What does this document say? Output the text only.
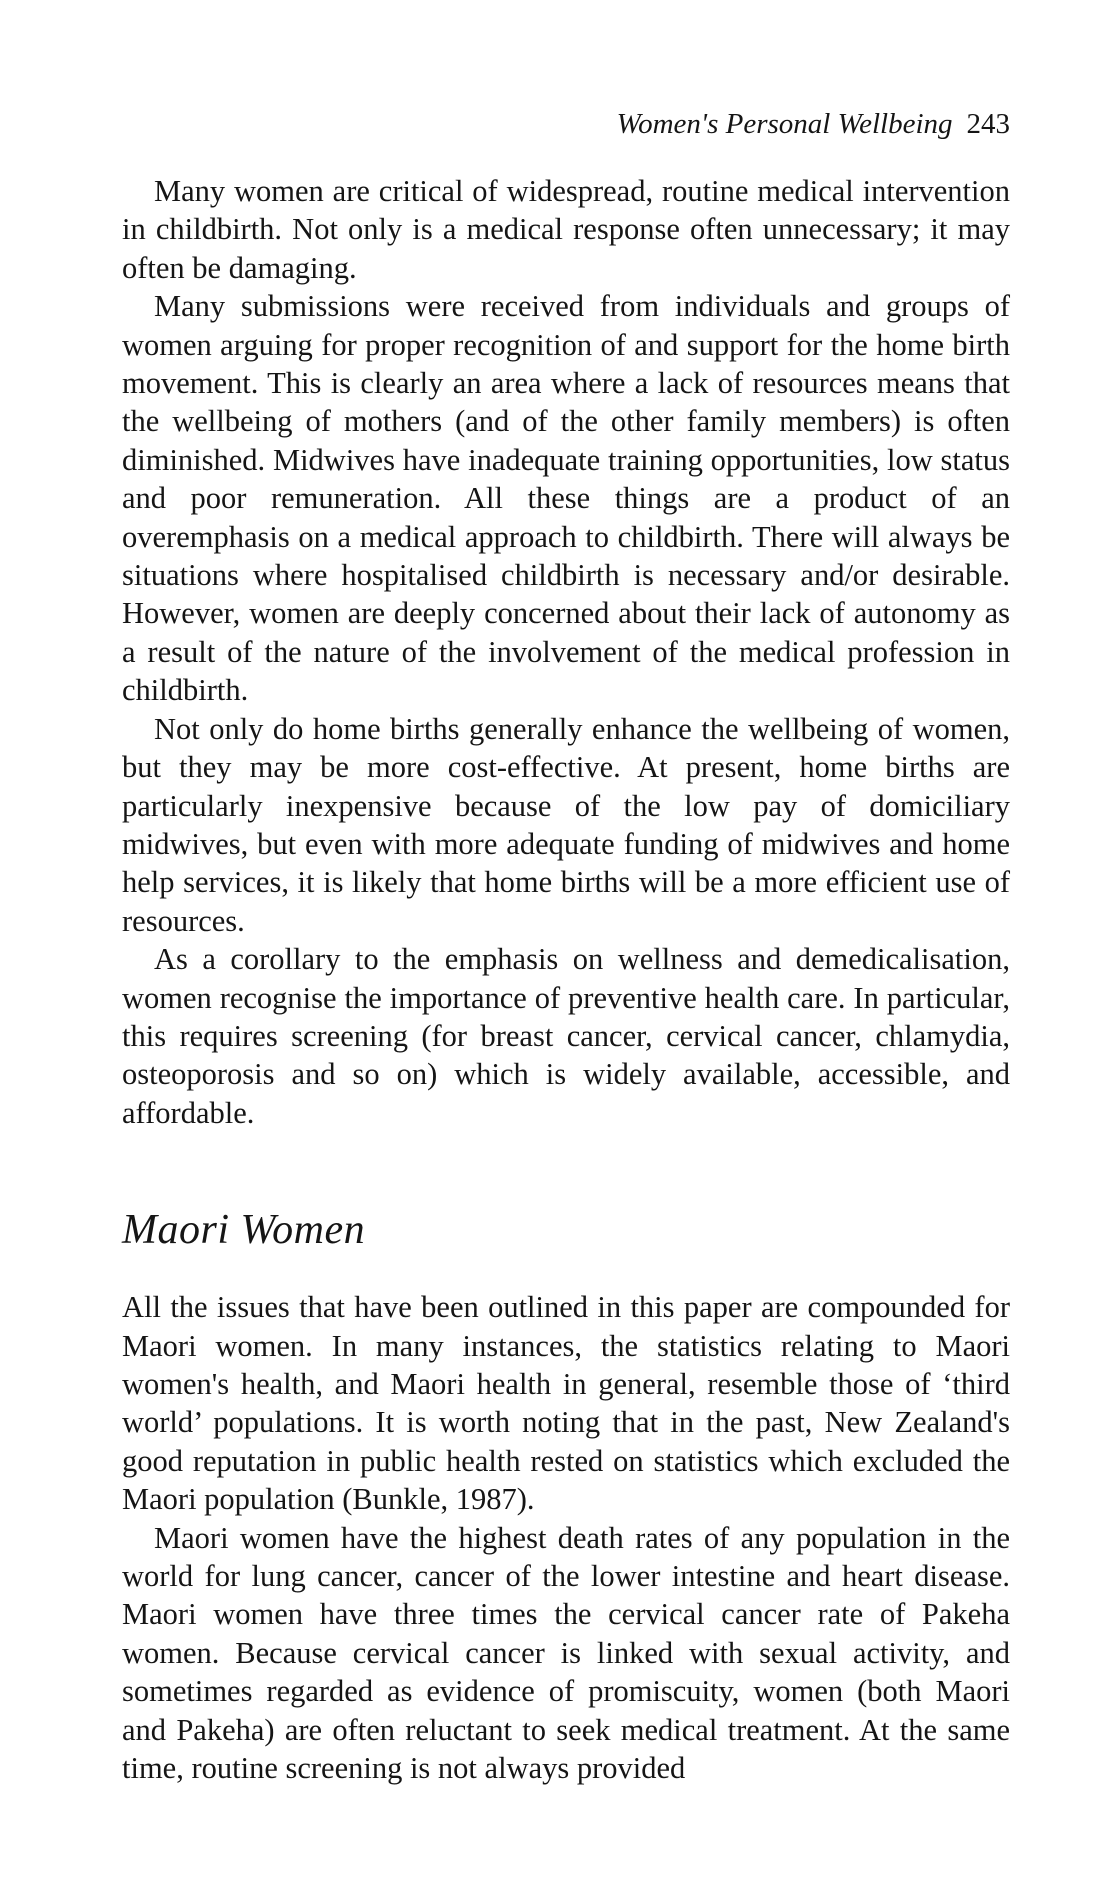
Women's Personal Wellbeing 243

Many women are critical of widespread, routine medical intervention in childbirth. Not only is a medical response often unnecessary; it may often be damaging.

Many submissions were received from individuals and groups of women arguing for proper recognition of and support for the home birth movement. This is clearly an area where a lack of resources means that the wellbeing of mothers (and of the other family members) is often diminished. Midwives have inadequate training opportunities, low status and poor remuneration. All these things are a product of an overemphasis on a medical approach to childbirth. There will always be situations where hospitalised childbirth is necessary and/or desirable. However, women are deeply concerned about their lack of autonomy as a result of the nature of the involvement of the medical profession in childbirth.

Not only do home births generally enhance the wellbeing of women, but they may be more cost-effective. At present, home births are particularly inexpensive because of the low pay of domiciliary midwives, but even with more adequate funding of midwives and home help services, it is likely that home births will be a more efficient use of resources.

As a corollary to the emphasis on wellness and demedicalisation, women recognise the importance of preventive health care. In particular, this requires screening (for breast cancer, cervical cancer, chlamydia, osteoporosis and so on) which is widely available, accessible, and affordable.

Maori Women

All the issues that have been outlined in this paper are compounded for Maori women. In many instances, the statistics relating to Maori women's health, and Maori health in general, resemble those of ‘third world’ populations. It is worth noting that in the past, New Zealand's good reputation in public health rested on statistics which excluded the Maori population (Bunkle, 1987).

Maori women have the highest death rates of any population in the world for lung cancer, cancer of the lower intestine and heart disease. Maori women have three times the cervical cancer rate of Pakeha women. Because cervical cancer is linked with sexual activity, and sometimes regarded as evidence of promiscuity, women (both Maori and Pakeha) are often reluctant to seek medical treatment. At the same time, routine screening is not always provided
